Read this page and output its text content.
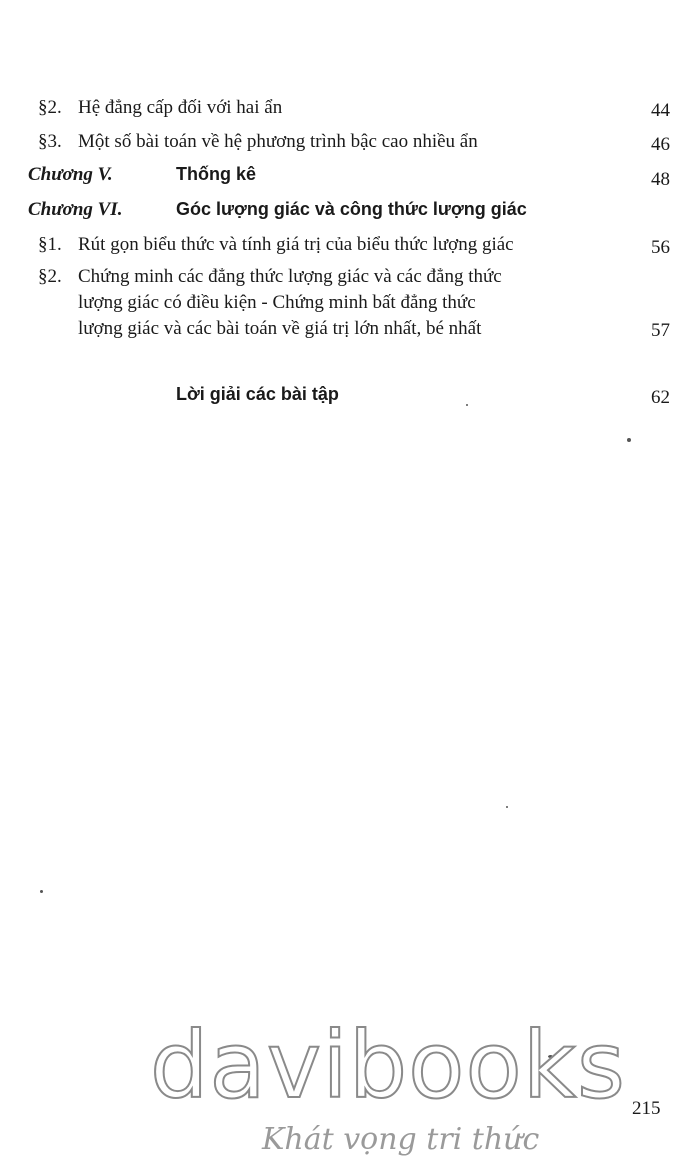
§2. Hệ đẳng cấp đối với hai ẩn	44
§3. Một số bài toán về hệ phương trình bậc cao nhiều ẩn	46
Chương V.	Thống kê	48
Chương VI.	Góc lượng giác và công thức lượng giác
§1. Rút gọn biểu thức và tính giá trị của biểu thức lượng giác	56
§2. Chứng minh các đẳng thức lượng giác và các đẳng thức
lượng giác có điều kiện - Chứng minh bất đẳng thức
lượng giác và các bài toán về giá trị lớn nhất, bé nhất	57
Lời giải các bài tập	62
davibooks 215
Khát vọng tri thức
